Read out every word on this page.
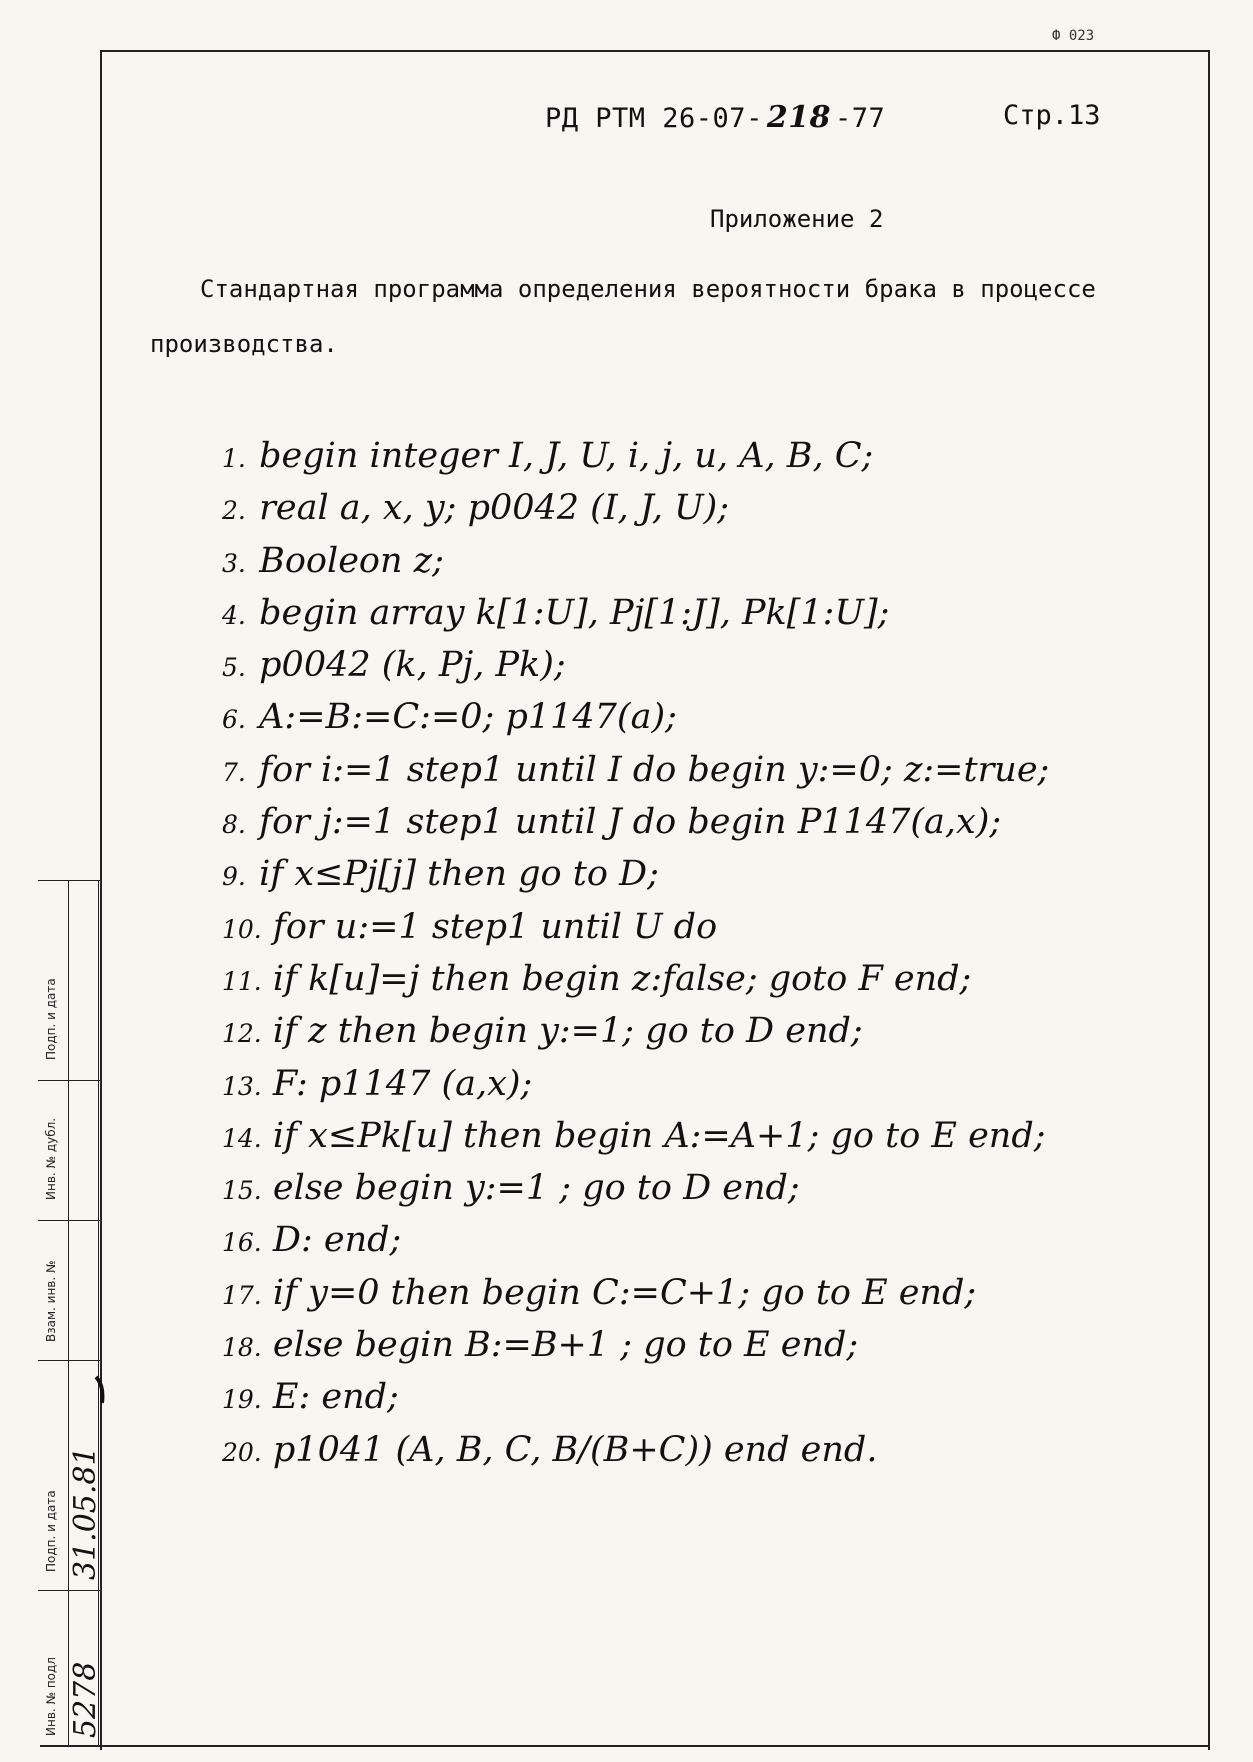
Ф 023
РД РТМ 26-07- 218 -77	Стр.13
Приложение 2
Стандартная программа определения вероятности брака в процессе производства.
1. begin integer I, J, U, i, j, u, A, B, C;
2. real a, x, y; p0042 (I, J, U);
3. Booleon z;
4. begin array k[1:U], Pj[1:J], Pk[1:U];
5. p0042 (k, Pj, Pk);
6. A:=B:=C:=0; p1147(a);
7. for i:=1 step1 until I do begin y:=0; z:=true;
8. for j:=1 step1 until J do begin P1147(a,x);
9. if x≤Pj[j] then go to D;
10. for u:=1 step1 until U do
11. if k[u]=j then begin z:false; goto F end;
12. if z then begin y:=1; go to D end;
13. F: p1147 (a,x);
14. if x≤Pk[u] then begin A:=A+1; go to E end;
15. else begin y:=1 ; go to D end;
16. D: end;
17. if y=0 then begin C:=C+1; go to E end;
18. else begin B:=B+1 ; go to E end;
19. E: end;
20. p1041 (A, B, C, B/(B+C)) end end.
Подп. и дата
Инв. № дубл.
Взам. инв. №
Подп. и дата
Инв. № подл
31.05.81
5278
